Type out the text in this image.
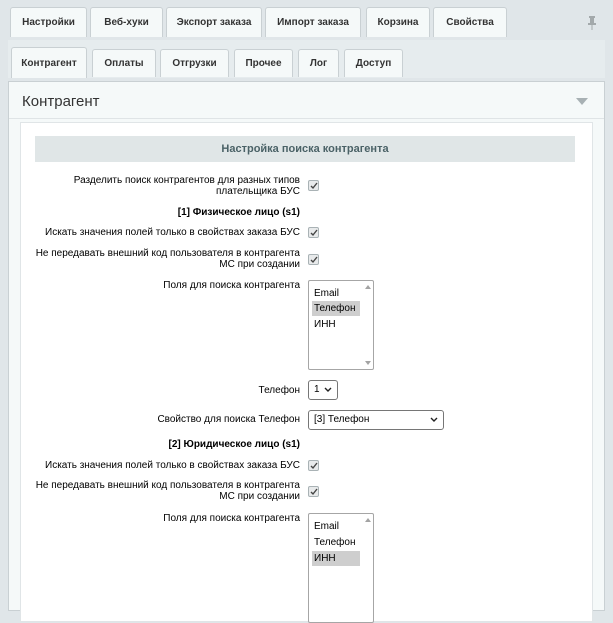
Настройки	Веб-хуки	Экспорт заказа	Импорт заказа	Корзина	Свойства
Контрагент	Оплаты	Отгрузки	Прочее	Лог	Доступ
Контрагент
Настройка поиска контрагента
Разделить поиск контрагентов для разных типов
плательщика БУС
[1] Физическое лицо (s1)
Искать значения полей только в свойствах заказа БУС
Не передавать внешний код пользователя в контрагента
МС при создании
Поля для поиска контрагента
Email
Телефон
ИНН
Телефон	1
Свойство для поиска Телефон	[3] Телефон
[2] Юридическое лицо (s1)
Искать значения полей только в свойствах заказа БУС
Не передавать внешний код пользователя в контрагента
МС при создании
Поля для поиска контрагента
Email
Телефон
ИНН
